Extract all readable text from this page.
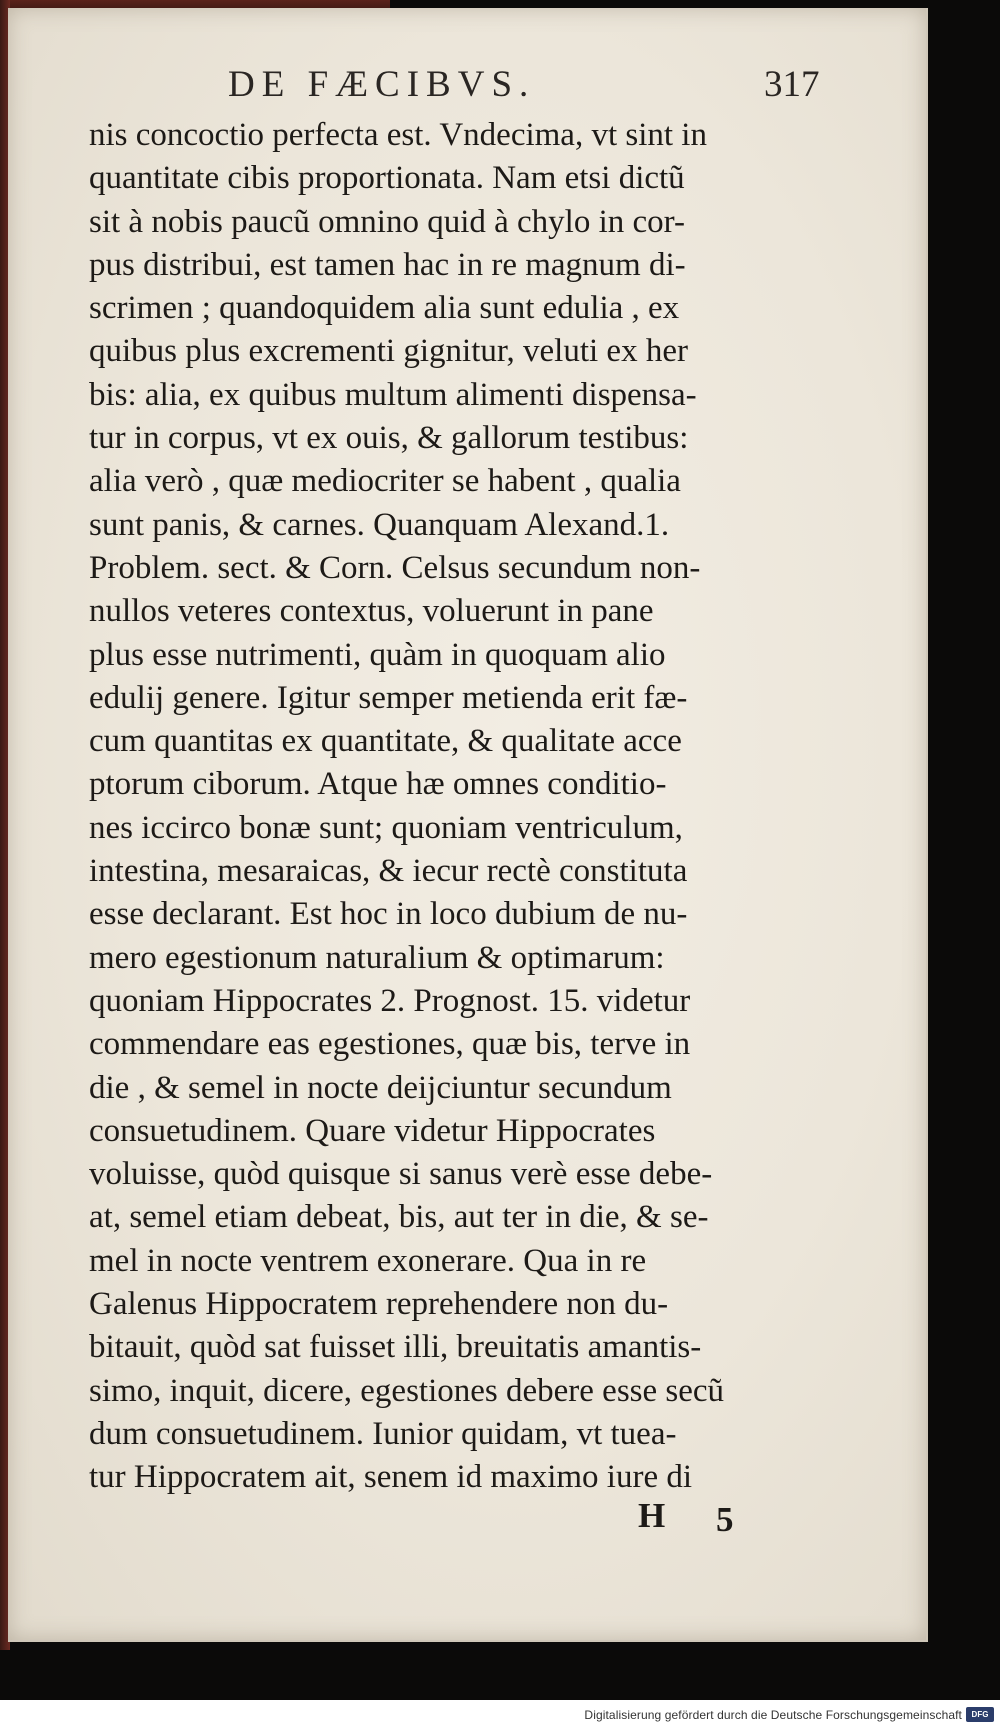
DE FÆCIBVS.	317
nis concoctio perfecta est. Vndecima, vt sint in
quantitate cibis proportionata. Nam etsi dictũ
sit à nobis paucũ omnino quid à chylo in cor-
pus distribui, est tamen hac in re magnum di-
scrimen ; quandoquidem alia sunt edulia , ex
quibus plus excrementi gignitur, veluti ex her
bis: alia, ex quibus multum alimenti dispensa-
tur in corpus, vt ex ouis, & gallorum testibus:
alia verò , quæ mediocriter se habent , qualia
sunt panis, & carnes. Quanquam Alexand.1.
Problem. sect. & Corn. Celsus secundum non-
nullos veteres contextus, voluerunt in pane
plus esse nutrimenti, quàm in quoquam alio
edulij genere. Igitur semper metienda erit fæ-
cum quantitas ex quantitate, & qualitate acce
ptorum ciborum. Atque hæ omnes conditio-
nes iccirco bonæ sunt; quoniam ventriculum,
intestina, mesaraicas, & iecur rectè constituta
esse declarant. Est hoc in loco dubium de nu-
mero egestionum naturalium & optimarum:
quoniam Hippocrates 2. Prognost. 15. videtur
commendare eas egestiones, quæ bis, terve in
die , & semel in nocte deijciuntur secundum
consuetudinem. Quare videtur Hippocrates
voluisse, quòd quisque si sanus verè esse debe-
at, semel etiam debeat, bis, aut ter in die, & se-
mel in nocte ventrem exonerare. Qua in re
Galenus Hippocratem reprehendere non du-
bitauit, quòd sat fuisset illi, breuitatis amantis-
simo, inquit, dicere, egestiones debere esse secũ
dum consuetudinem. Iunior quidam, vt tuea-
tur Hippocratem ait, senem id maximo iure di
H 5
Digitalisierung gefördert durch die Deutsche Forschungsgemeinschaft	DFG
